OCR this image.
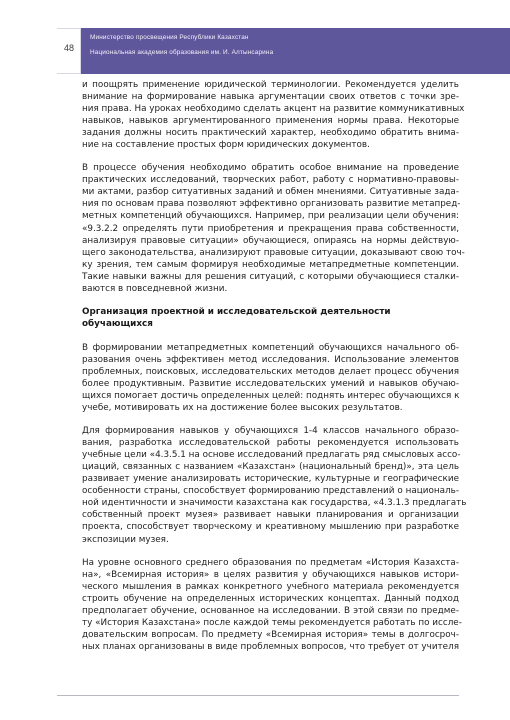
48
Министерство просвещения Республики Казахстан
Национальная академия образования им. И. Алтынсарина
и поощрять применение юридической терминологии. Рекомендуется уделить
внимание на формирование навыка аргументации своих ответов с точки зре-
ния права. На уроках необходимо сделать акцент на развитие коммуникативных
навыков, навыков аргументированного применения нормы права. Некоторые
задания должны носить практический характер, необходимо обратить внима-
ние на составление простых форм юридических документов.
В процессе обучения необходимо обратить особое внимание на проведение
практических исследований, творческих работ, работу с нормативно-правовы-
ми актами, разбор ситуативных заданий и обмен мнениями. Ситуативные зада-
ния по основам права позволяют эффективно организовать развитие метапред-
метных компетенций обучающихся. Например, при реализации цели обучения:
«9.3.2.2 определять пути приобретения и прекращения права собственности,
анализируя правовые ситуации» обучающиеся, опираясь на нормы действую-
щего законодательства, анализируют правовые ситуации, доказывают свою точ-
ку зрения, тем самым формируя необходимые метапредметные компетенции.
Такие навыки важны для решения ситуаций, с которыми обучающиеся сталки-
ваются в повседневной жизни.
Организация проектной и исследовательской деятельности обучающихся
В формировании метапредметных компетенций обучающихся начального об-
разования очень эффективен метод исследования. Использование элементов
проблемных, поисковых, исследовательских методов делает процесс обучения
более продуктивным. Развитие исследовательских умений и навыков обучаю-
щихся помогает достичь определенных целей: поднять интерес обучающихся к
учебе, мотивировать их на достижение более высоких результатов.
Для формирования навыков у обучающихся 1-4 классов начального образо-
вания, разработка исследовательской работы рекомендуется использовать
учебные цели «4.3.5.1 на основе исследований предлагать ряд смысловых ассо-
циаций, связанных с названием «Казахстан» (национальный бренд)», эта цель
развивает умение анализировать исторические, культурные и географические
особенности страны, способствует формированию представлений о националь-
ной идентичности и значимости казахстана как государства, «4.3.1.3 предлагать
собственный проект музея» развивает навыки планирования и организации
проекта, способствует творческому и креативному мышлению при разработке
экспозиции музея.
На уровне основного среднего образования по предметам «История Казахста-
на», «Всемирная история» в целях развития у обучающихся навыков истори-
ческого мышления в рамках конкретного учебного материала рекомендуется
строить обучение на определенных исторических концептах. Данный подход
предполагает обучение, основанное на исследовании. В этой связи по предме-
ту «История Казахстана» после каждой темы рекомендуется работать по иссле-
довательским вопросам. По предмету «Всемирная история» темы в долгосроч-
ных планах организованы в виде проблемных вопросов, что требует от учителя
